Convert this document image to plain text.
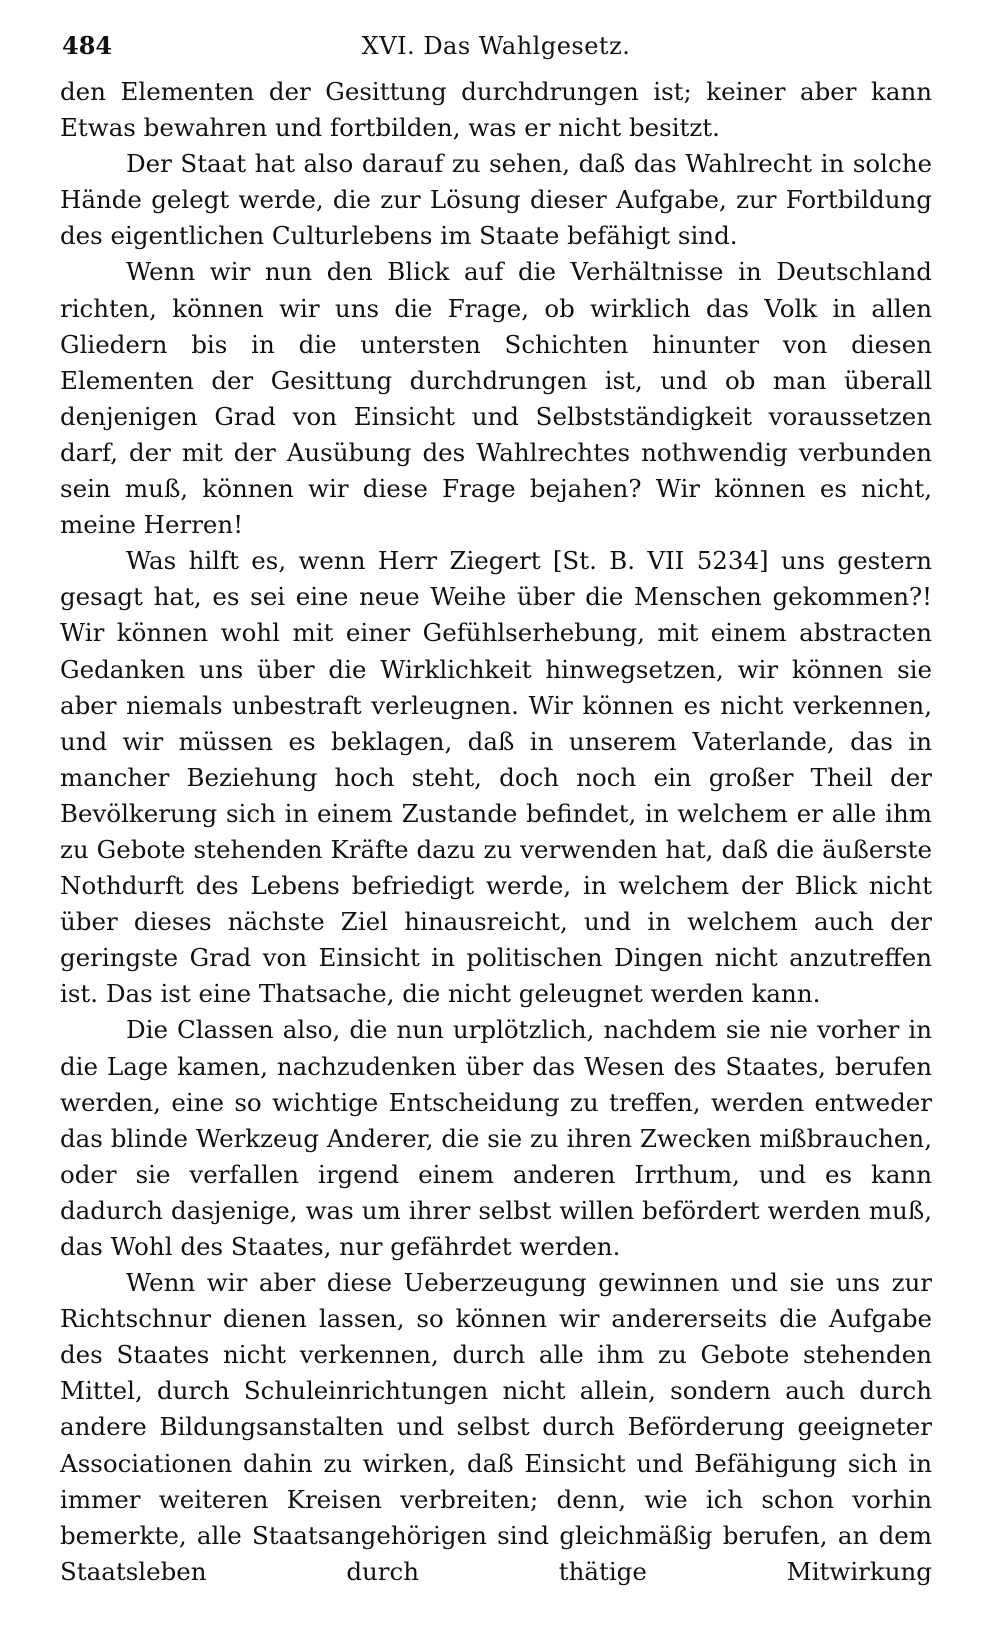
484	XVI. Das Wahlgesetz.

den Elementen der Gesittung durchdrungen ist; keiner aber kann Etwas bewahren und fortbilden, was er nicht besitzt.

Der Staat hat also darauf zu sehen, daß das Wahlrecht in solche Hände gelegt werde, die zur Lösung dieser Aufgabe, zur Fortbildung des eigentlichen Culturlebens im Staate befähigt sind.

Wenn wir nun den Blick auf die Verhältnisse in Deutschland richten, können wir uns die Frage, ob wirklich das Volk in allen Gliedern bis in die untersten Schichten hinunter von diesen Elementen der Gesittung durchdrungen ist, und ob man überall denjenigen Grad von Einsicht und Selbstständigkeit voraussetzen darf, der mit der Ausübung des Wahlrechtes nothwendig verbunden sein muß, können wir diese Frage bejahen? Wir können es nicht, meine Herren!

Was hilft es, wenn Herr Ziegert [St. B. VII 5234] uns gestern gesagt hat, es sei eine neue Weihe über die Menschen gekommen?! Wir können wohl mit einer Gefühlserhebung, mit einem abstracten Gedanken uns über die Wirklichkeit hinwegsetzen, wir können sie aber niemals unbestraft verleugnen. Wir können es nicht verkennen, und wir müssen es beklagen, daß in unserem Vaterlande, das in mancher Beziehung hoch steht, doch noch ein großer Theil der Bevölkerung sich in einem Zustande befindet, in welchem er alle ihm zu Gebote stehenden Kräfte dazu zu verwenden hat, daß die äußerste Nothdurft des Lebens befriedigt werde, in welchem der Blick nicht über dieses nächste Ziel hinausreicht, und in welchem auch der geringste Grad von Einsicht in politischen Dingen nicht anzutreffen ist. Das ist eine Thatsache, die nicht geleugnet werden kann.

Die Classen also, die nun urplötzlich, nachdem sie nie vorher in die Lage kamen, nachzudenken über das Wesen des Staates, berufen werden, eine so wichtige Entscheidung zu treffen, werden entweder das blinde Werkzeug Anderer, die sie zu ihren Zwecken mißbrauchen, oder sie verfallen irgend einem anderen Irrthum, und es kann dadurch dasjenige, was um ihrer selbst willen befördert werden muß, das Wohl des Staates, nur gefährdet werden.

Wenn wir aber diese Ueberzeugung gewinnen und sie uns zur Richtschnur dienen lassen, so können wir andererseits die Aufgabe des Staates nicht verkennen, durch alle ihm zu Gebote stehenden Mittel, durch Schuleinrichtungen nicht allein, sondern auch durch andere Bildungsanstalten und selbst durch Beförderung geeigneter Associationen dahin zu wirken, daß Einsicht und Befähigung sich in immer weiteren Kreisen verbreiten; denn, wie ich schon vorhin bemerkte, alle Staatsangehörigen sind gleichmäßig berufen, an dem Staatsleben durch thätige Mitwirkung
